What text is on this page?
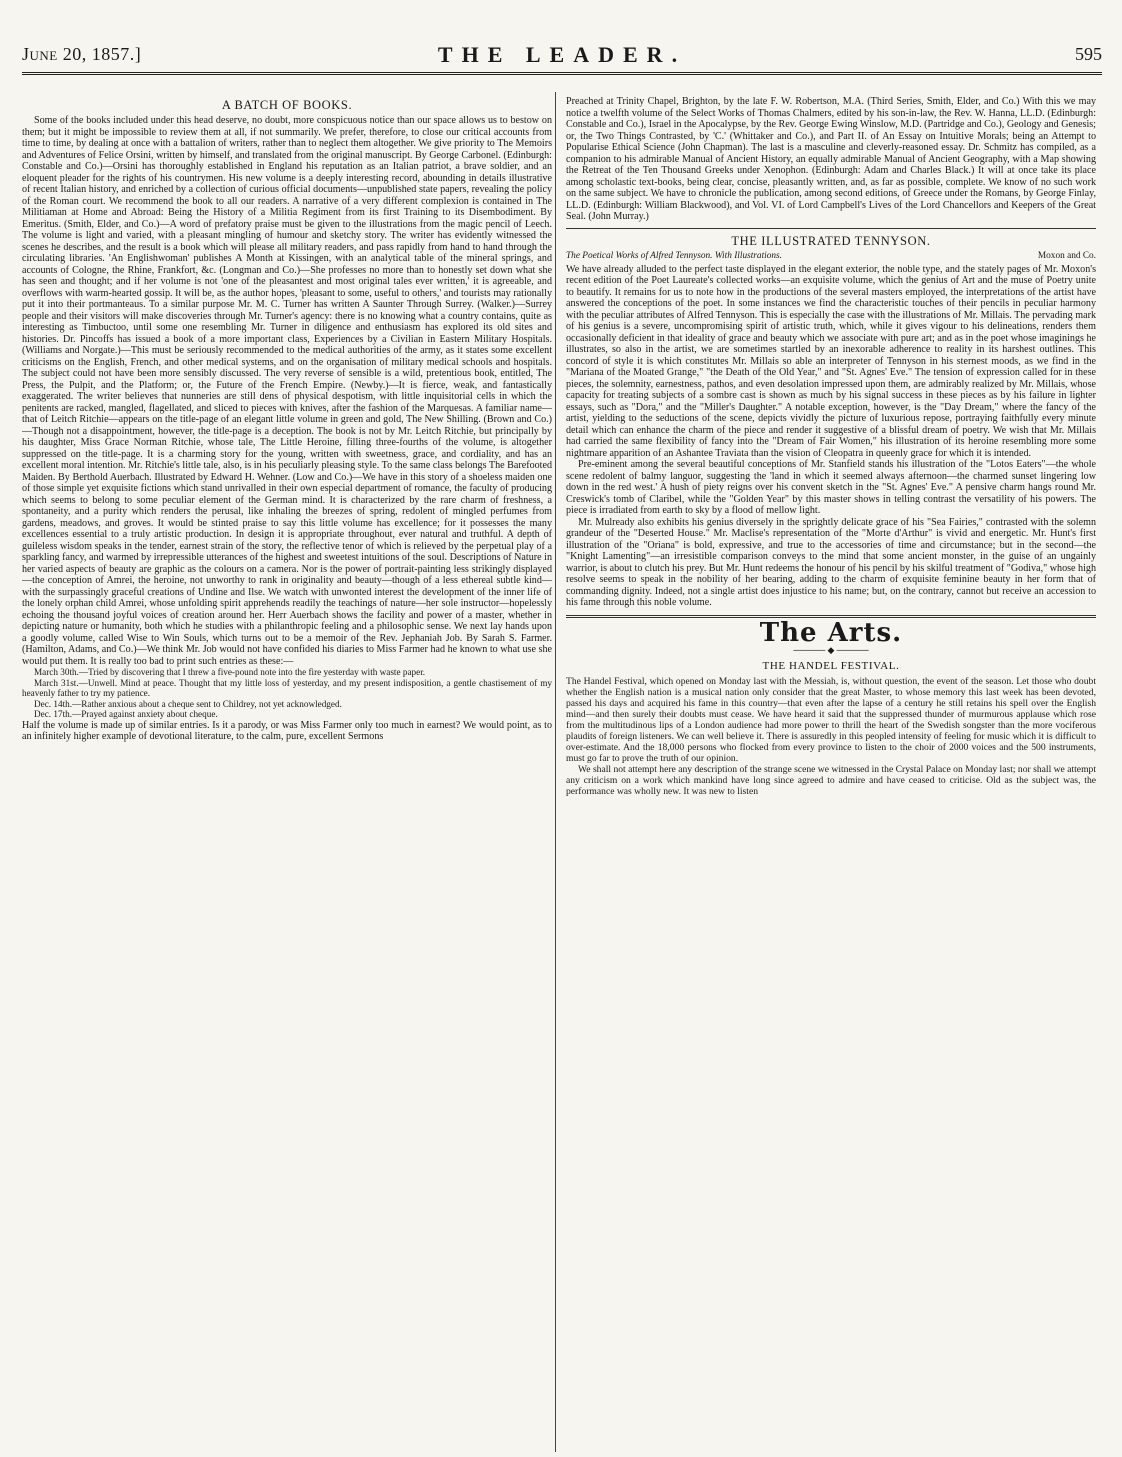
June 20, 1857.]	THE LEADER.	595
A BATCH OF BOOKS.

Some of the books included under this head deserve, no doubt, more conspicuous notice than our space allows us to bestow on them; but it might be impossible to review them at all, if not summarily. We prefer, therefore, to close our critical accounts from time to time, by dealing at once with a battalion of writers, rather than to neglect them altogether. We give priority to The Memoirs and Adventures of Felice Orsini, written by himself, and translated from the original manuscript. By George Carbonel. (Edinburgh: Constable and Co.)—Orsini has thoroughly established in England his reputation as an Italian patriot, a brave soldier, and an eloquent pleader for the rights of his countrymen. His new volume is a deeply interesting record, abounding in details illustrative of recent Italian history, and enriched by a collection of curious official documents—unpublished state papers, revealing the policy of the Roman court. We recommend the book to all our readers. A narrative of a very different complexion is contained in The Militiaman at Home and Abroad: Being the History of a Militia Regiment from its first Training to its Disembodiment. By Emeritus. (Smith, Elder, and Co.)—A word of prefatory praise must be given to the illustrations from the magic pencil of Leech. The volume is light and varied, with a pleasant mingling of humour and sketchy story. The writer has evidently witnessed the scenes he describes, and the result is a book which will please all military readers, and pass rapidly from hand to hand through the circulating libraries. 'An Englishwoman' publishes A Month at Kissingen, with an analytical table of the mineral springs, and accounts of Cologne, the Rhine, Frankfort, &c. (Longman and Co.)—She professes no more than to honestly set down what she has seen and thought; and if her volume is not 'one of the pleasantest and most original tales ever written,' it is agreeable, and overflows with warm-hearted gossip. It will be, as the author hopes, 'pleasant to some, useful to others,' and tourists may rationally put it into their portmanteaus. To a similar purpose Mr. M. C. Turner has written A Saunter Through Surrey. (Walker.)—Surrey people and their visitors will make discoveries through Mr. Turner's agency: there is no knowing what a country contains, quite as interesting as Timbuctoo, until some one resembling Mr. Turner in diligence and enthusiasm has explored its old sites and histories. Dr. Pincoffs has issued a book of a more important class, Experiences by a Civilian in Eastern Military Hospitals. (Williams and Norgate.)—This must be seriously recommended to the medical authorities of the army, as it states some excellent criticisms on the English, French, and other medical systems, and on the organisation of military medical schools and hospitals. The subject could not have been more sensibly discussed. The very reverse of sensible is a wild, pretentious book, entitled, The Press, the Pulpit, and the Platform; or, the Future of the French Empire. (Newby.)—It is fierce, weak, and fantastically exaggerated. The writer believes that nunneries are still dens of physical despotism, with little inquisitorial cells in which the penitents are racked, mangled, flagellated, and sliced to pieces with knives, after the fashion of the Marquesas. A familiar name—that of Leitch Ritchie—appears on the title-page of an elegant little volume in green and gold, The New Shilling. (Brown and Co.)—Though not a disappointment, however, the title-page is a deception. The book is not by Mr. Leitch Ritchie, but principally by his daughter, Miss Grace Norman Ritchie, whose tale, The Little Heroine, filling three-fourths of the volume, is altogether suppressed on the title-page. It is a charming story for the young, written with sweetness, grace, and cordiality, and has an excellent moral intention. Mr. Ritchie's little tale, also, is in his peculiarly pleasing style. To the same class belongs The Barefooted Maiden. By Berthold Auerbach. Illustrated by Edward H. Wehner. (Low and Co.)—We have in this story of a shoeless maiden one of those simple yet exquisite fictions which stand unrivalled in their own especial department of romance, the faculty of producing which seems to belong to some peculiar element of the German mind. It is characterized by the rare charm of freshness, a spontaneity, and a purity which renders the perusal, like inhaling the breezes of spring, redolent of mingled perfumes from gardens, meadows, and groves. It would be stinted praise to say this little volume has excellence; for it possesses the many excellences essential to a truly artistic production. In design it is appropriate throughout, ever natural and truthful. A depth of guileless wisdom speaks in the tender, earnest strain of the story, the reflective tenor of which is relieved by the perpetual play of a sparkling fancy, and warmed by irrepressible utterances of the highest and sweetest intuitions of the soul. Descriptions of Nature in her varied aspects of beauty are graphic as the colours on a camera. Nor is the power of portrait-painting less strikingly displayed—the conception of Amrei, the heroine, not unworthy to rank in originality and beauty—though of a less ethereal subtle kind—with the surpassingly graceful creations of Undine and Ilse. We watch with unwonted interest the development of the inner life of the lonely orphan child Amrei, whose unfolding spirit apprehends readily the teachings of nature—her sole instructor—hopelessly echoing the thousand joyful voices of creation around her. Herr Auerbach shows the facility and power of a master, whether in depicting nature or humanity, both which he studies with a philanthropic feeling and a philosophic sense. We next lay hands upon a goodly volume, called Wise to Win Souls, which turns out to be a memoir of the Rev. Jephaniah Job. By Sarah S. Farmer. (Hamilton, Adams, and Co.)—We think Mr. Job would not have confided his diaries to Miss Farmer had he known to what use she would put them. It is really too bad to print such entries as these:—

March 30th.—Tried by discovering that I threw a five-pound note into the fire yesterday with waste paper.

March 31st.—Unwell. Mind at peace. Thought that my little loss of yesterday, and my present indisposition, a gentle chastisement of my heavenly father to try my patience.

Dec. 14th.—Rather anxious about a cheque sent to Childrey, not yet acknowledged.

Dec. 17th.—Prayed against anxiety about cheque.

Half the volume is made up of similar entries. Is it a parody, or was Miss Farmer only too much in earnest? We would point, as to an infinitely higher example of devotional literature, to the calm, pure, excellent Sermons

Preached at Trinity Chapel, Brighton, by the late F. W. Robertson, M.A. (Third Series, Smith, Elder, and Co.) With this we may notice a twelfth volume of the Select Works of Thomas Chalmers, edited by his son-in-law, the Rev. W. Hanna, LL.D. (Edinburgh: Constable and Co.), Israel in the Apocalypse, by the Rev. George Ewing Winslow, M.D. (Partridge and Co.), Geology and Genesis; or, the Two Things Contrasted, by 'C.' (Whittaker and Co.), and Part II. of An Essay on Intuitive Morals; being an Attempt to Popularise Ethical Science (John Chapman). The last is a masculine and cleverly-reasoned essay. Dr. Schmitz has compiled, as a companion to his admirable Manual of Ancient History, an equally admirable Manual of Ancient Geography, with a Map showing the Retreat of the Ten Thousand Greeks under Xenophon. (Edinburgh: Adam and Charles Black.) It will at once take its place among scholastic text-books, being clear, concise, pleasantly written, and, as far as possible, complete. We know of no such work on the same subject. We have to chronicle the publication, among second editions, of Greece under the Romans, by George Finlay, LL.D. (Edinburgh: William Blackwood), and Vol. VI. of Lord Campbell's Lives of the Lord Chancellors and Keepers of the Great Seal. (John Murray.)

THE ILLUSTRATED TENNYSON.
The Poetical Works of Alfred Tennyson. With Illustrations.	Moxon and Co.

We have already alluded to the perfect taste displayed in the elegant exterior, the noble type, and the stately pages of Mr. Moxon's recent edition of the Poet Laureate's collected works—an exquisite volume, which the genius of Art and the muse of Poetry unite to beautify. It remains for us to note how in the productions of the several masters employed, the interpretations of the artist have answered the conceptions of the poet. In some instances we find the characteristic touches of their pencils in peculiar harmony with the peculiar attributes of Alfred Tennyson. This is especially the case with the illustrations of Mr. Millais. The pervading mark of his genius is a severe, uncompromising spirit of artistic truth, which, while it gives vigour to his delineations, renders them occasionally deficient in that ideality of grace and beauty which we associate with pure art; and as in the poet whose imaginings he illustrates, so also in the artist, we are sometimes startled by an inexorable adherence to reality in its harshest outlines. This concord of style it is which constitutes Mr. Millais so able an interpreter of Tennyson in his sternest moods, as we find in the "Mariana of the Moated Grange," "the Death of the Old Year," and "St. Agnes' Eve." The tension of expression called for in these pieces, the solemnity, earnestness, pathos, and even desolation impressed upon them, are admirably realized by Mr. Millais, whose capacity for treating subjects of a sombre cast is shown as much by his signal success in these pieces as by his failure in lighter essays, such as "Dora," and the "Miller's Daughter." A notable exception, however, is the "Day Dream," where the fancy of the artist, yielding to the seductions of the scene, depicts vividly the picture of luxurious repose, portraying faithfully every minute detail which can enhance the charm of the piece and render it suggestive of a blissful dream of poetry. We wish that Mr. Millais had carried the same flexibility of fancy into the "Dream of Fair Women," his illustration of its heroine resembling more some nightmare apparition of an Ashantee Traviata than the vision of Cleopatra in queenly grace for which it is intended.

Pre-eminent among the several beautiful conceptions of Mr. Stanfield stands his illustration of the "Lotos Eaters"—the whole scene redolent of balmy languor, suggesting the 'land in which it seemed always afternoon—the charmed sunset lingering low down in the red west.' A hush of piety reigns over his convent sketch in the "St. Agnes' Eve." A pensive charm hangs round Mr. Creswick's tomb of Claribel, while the "Golden Year" by this master shows in telling contrast the versatility of his powers. The piece is irradiated from earth to sky by a flood of mellow light.

Mr. Mulready also exhibits his genius diversely in the sprightly delicate grace of his "Sea Fairies," contrasted with the solemn grandeur of the "Deserted House." Mr. Maclise's representation of the "Morte d'Arthur" is vivid and energetic. Mr. Hunt's first illustration of the "Oriana" is bold, expressive, and true to the accessories of time and circumstance; but in the second—the "Knight Lamenting"—an irresistible comparison conveys to the mind that some ancient monster, in the guise of an ungainly warrior, is about to clutch his prey. But Mr. Hunt redeems the honour of his pencil by his skilful treatment of "Godiva," whose high resolve seems to speak in the nobility of her bearing, adding to the charm of exquisite feminine beauty in her form that of commanding dignity. Indeed, not a single artist does injustice to his name; but, on the contrary, cannot but receive an accession to his fame through this noble volume.

The Arts.
───── ◆ ─────
THE HANDEL FESTIVAL.

The Handel Festival, which opened on Monday last with the Messiah, is, without question, the event of the season. Let those who doubt whether the English nation is a musical nation only consider that the great Master, to whose memory this last week has been devoted, passed his days and acquired his fame in this country—that even after the lapse of a century he still retains his spell over the English mind—and then surely their doubts must cease. We have heard it said that the suppressed thunder of murmurous applause which rose from the multitudinous lips of a London audience had more power to thrill the heart of the Swedish songster than the more vociferous plaudits of foreign listeners. We can well believe it. There is assuredly in this peopled intensity of feeling for music which it is difficult to over-estimate. And the 18,000 persons who flocked from every province to listen to the choir of 2000 voices and the 500 instruments, must go far to prove the truth of our opinion.

We shall not attempt here any description of the strange scene we witnessed in the Crystal Palace on Monday last; nor shall we attempt any criticism on a work which mankind have long since agreed to admire and have ceased to criticise. Old as the subject was, the performance was wholly new. It was new to listen
